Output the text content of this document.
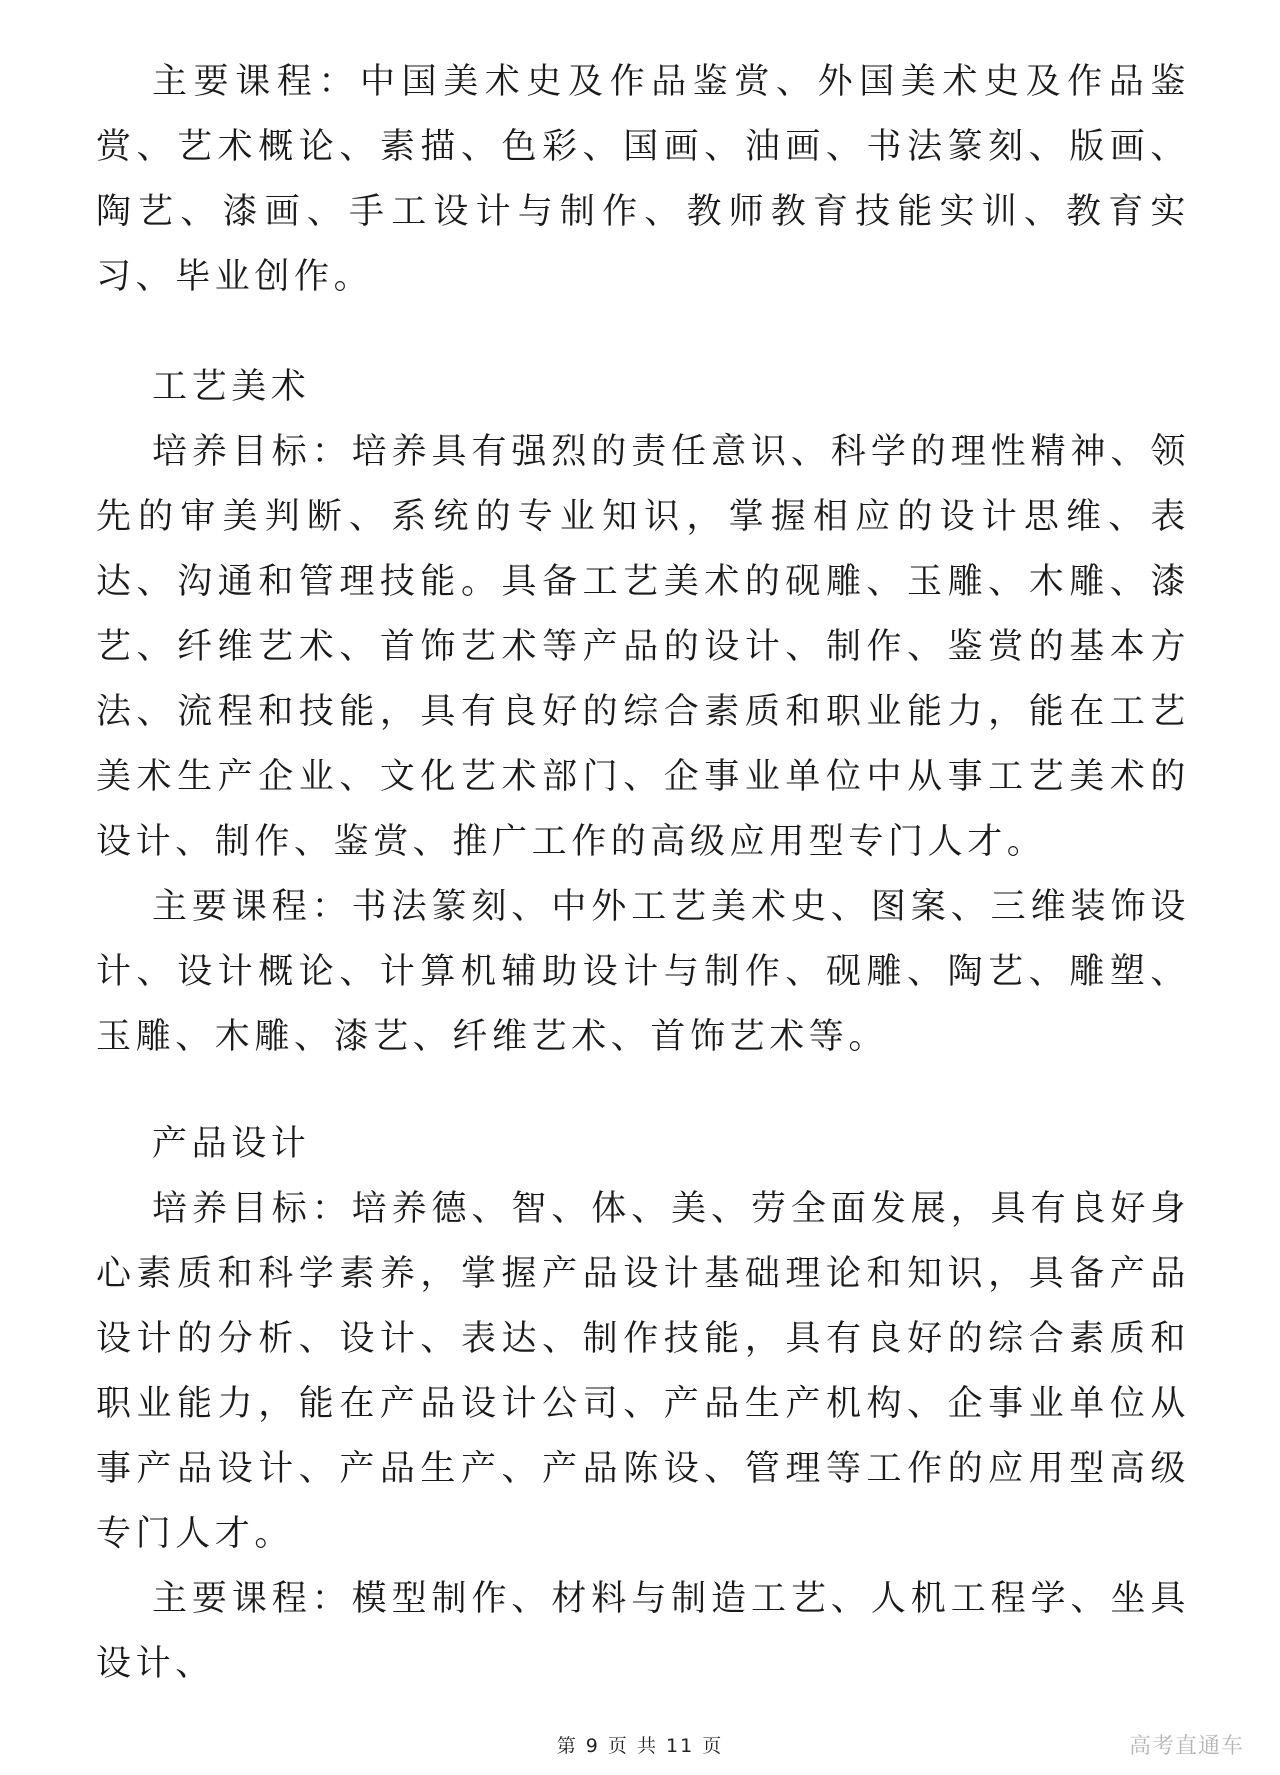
主要课程：中国美术史及作品鉴赏、外国美术史及作品鉴赏、艺术概论、素描、色彩、国画、油画、书法篆刻、版画、陶艺、漆画、手工设计与制作、教师教育技能实训、教育实习、毕业创作。

工艺美术

培养目标：培养具有强烈的责任意识、科学的理性精神、领先的审美判断、系统的专业知识，掌握相应的设计思维、表达、沟通和管理技能。具备工艺美术的砚雕、玉雕、木雕、漆艺、纤维艺术、首饰艺术等产品的设计、制作、鉴赏的基本方法、流程和技能，具有良好的综合素质和职业能力，能在工艺美术生产企业、文化艺术部门、企事业单位中从事工艺美术的设计、制作、鉴赏、推广工作的高级应用型专门人才。

主要课程：书法篆刻、中外工艺美术史、图案、三维装饰设计、设计概论、计算机辅助设计与制作、砚雕、陶艺、雕塑、玉雕、木雕、漆艺、纤维艺术、首饰艺术等。

产品设计

培养目标：培养德、智、体、美、劳全面发展，具有良好身心素质和科学素养，掌握产品设计基础理论和知识，具备产品设计的分析、设计、表达、制作技能，具有良好的综合素质和职业能力，能在产品设计公司、产品生产机构、企事业单位从事产品设计、产品生产、产品陈设、管理等工作的应用型高级专门人才。

主要课程：模型制作、材料与制造工艺、人机工程学、坐具设计、

第 9 页 共 11 页	高考直通车
